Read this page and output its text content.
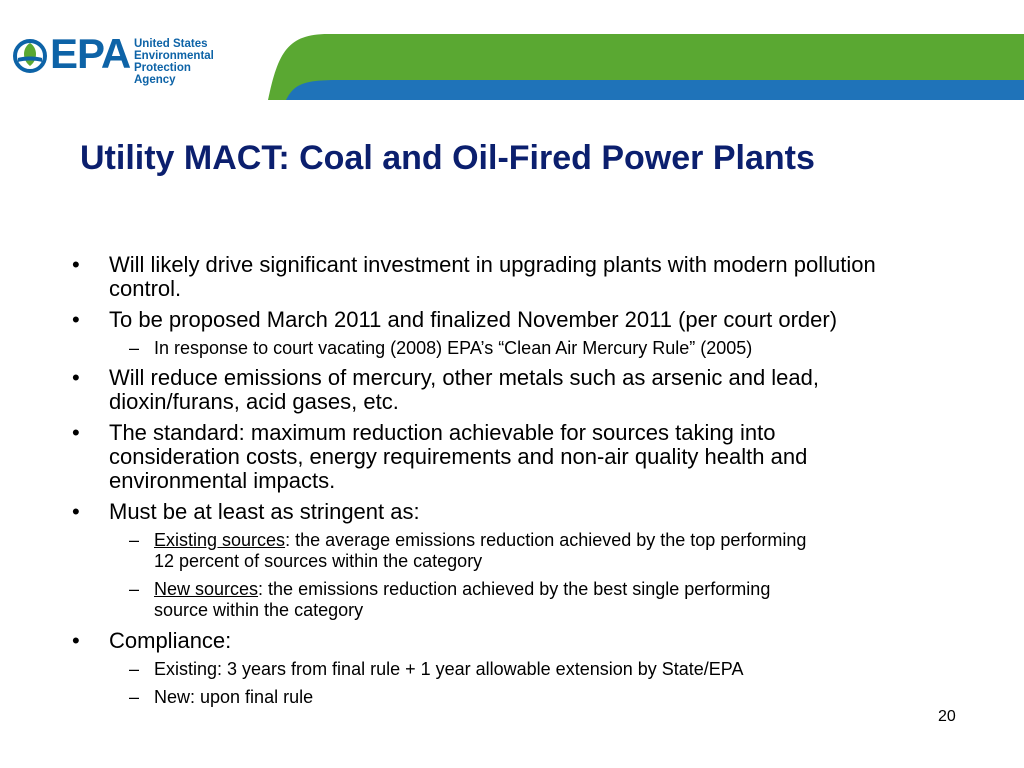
EPA United States
Environmental Protection
Agency
Utility MACT: Coal and Oil-Fired Power Plants
•	Will likely drive significant investment in upgrading plants with modern pollution
control.
•	To be proposed March 2011 and finalized November 2011 (per court order)
– In response to court vacating (2008) EPA’s “Clean Air Mercury Rule” (2005)
•	Will reduce emissions of mercury, other metals such as arsenic and lead,
dioxin/furans, acid gases, etc.
•	The standard: maximum reduction achievable for sources taking into
consideration costs, energy requirements and non-air quality health and
environmental impacts.
•	Must be at least as stringent as:
– Existing sources: the average emissions reduction achieved by the top performing
12 percent of sources within the category
– New sources: the emissions reduction achieved by the best single performing
source within the category
•	Compliance:
– Existing: 3 years from final rule + 1 year allowable extension by State/EPA
– New: upon final rule
20
